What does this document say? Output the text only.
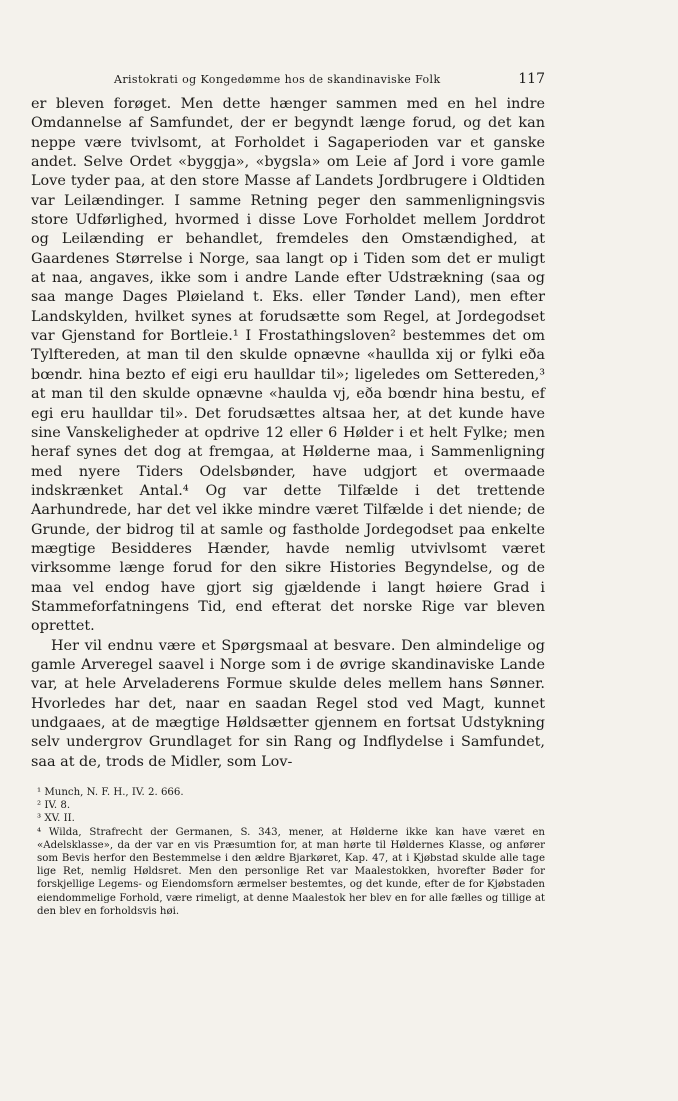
Aristokrati og Kongedømme hos de skandinaviske Folk	117

er bleven forøget. Men dette hænger sammen med en hel indre Omdannelse af Samfundet, der er begyndt længe forud, og det kan neppe være tvivlsomt, at Forholdet i Sagaperioden var et ganske andet. Selve Ordet «byggja», «bygsla» om Leie af Jord i vore gamle Love tyder paa, at den store Masse af Landets Jordbrugere i Oldtiden var Leilændinger. I samme Retning peger den sammenligningsvis store Udførlighed, hvormed i disse Love Forholdet mellem Jorddrot og Leilænding er behandlet, fremdeles den Omstændighed, at Gaardenes Størrelse i Norge, saa langt op i Tiden som det er muligt at naa, angaves, ikke som i andre Lande efter Udstrækning (saa og saa mange Dages Pløieland t. Eks. eller Tønder Land), men efter Landskylden, hvilket synes at forudsætte som Regel, at Jordegodset var Gjenstand for Bortleie.¹ I Frostathingsloven² bestemmes det om Tylftereden, at man til den skulde opnævne «haullda xij or fylki eða bœndr. hina bezto ef eigi eru haulldar til»; ligeledes om Settereden,³ at man til den skulde opnævne «haulda vj, eða bœndr hina bestu, ef egi eru haulldar til». Det forudsættes altsaa her, at det kunde have sine Vanskeligheder at opdrive 12 eller 6 Hølder i et helt Fylke; men heraf synes det dog at fremgaa, at Hølderne maa, i Sammenligning med nyere Tiders Odelsbønder, have udgjort et overmaade indskrænket Antal.⁴ Og var dette Tilfælde i det trettende Aarhundrede, har det vel ikke mindre været Tilfælde i det niende; de Grunde, der bidrog til at samle og fastholde Jordegodset paa enkelte mægtige Besidderes Hænder, havde nemlig utvivlsomt været virksomme længe forud for den sikre Histories Begyndelse, og de maa vel endog have gjort sig gjældende i langt høiere Grad i Stammeforfatningens Tid, end efterat det norske Rige var bleven oprettet.

Her vil endnu være et Spørgsmaal at besvare. Den almindelige og gamle Arveregel saavel i Norge som i de øvrige skandinaviske Lande var, at hele Arveladerens Formue skulde deles mellem hans Sønner. Hvorledes har det, naar en saadan Regel stod ved Magt, kunnet undgaaes, at de mægtige Høldsætter gjennem en fortsat Udstykning selv undergrov Grundlaget for sin Rang og Indflydelse i Samfundet, saa at de, trods de Midler, som Lov-

¹ Munch, N. F. H., IV. 2. 666.
² IV. 8.
³ XV. II.
⁴ Wilda, Strafrecht der Germanen, S. 343, mener, at Hølderne ikke kan have været en «Adelsklasse», da der var en vis Præsumtion for, at man hørte til Høldernes Klasse, og anfører som Bevis herfor den Bestemmelse i den ældre Bjarkøret, Kap. 47, at i Kjøbstad skulde alle tage lige Ret, nemlig Høldsret. Men den personlige Ret var Maalestokken, hvorefter Bøder for forskjellige Legems- og Eiendomsforn ærmelser bestemtes, og det kunde, efter de for Kjøbstaden eiendommelige Forhold, være rimeligt, at denne Maalestok her blev en for alle fælles og tillige at den blev en forholdsvis høi.
